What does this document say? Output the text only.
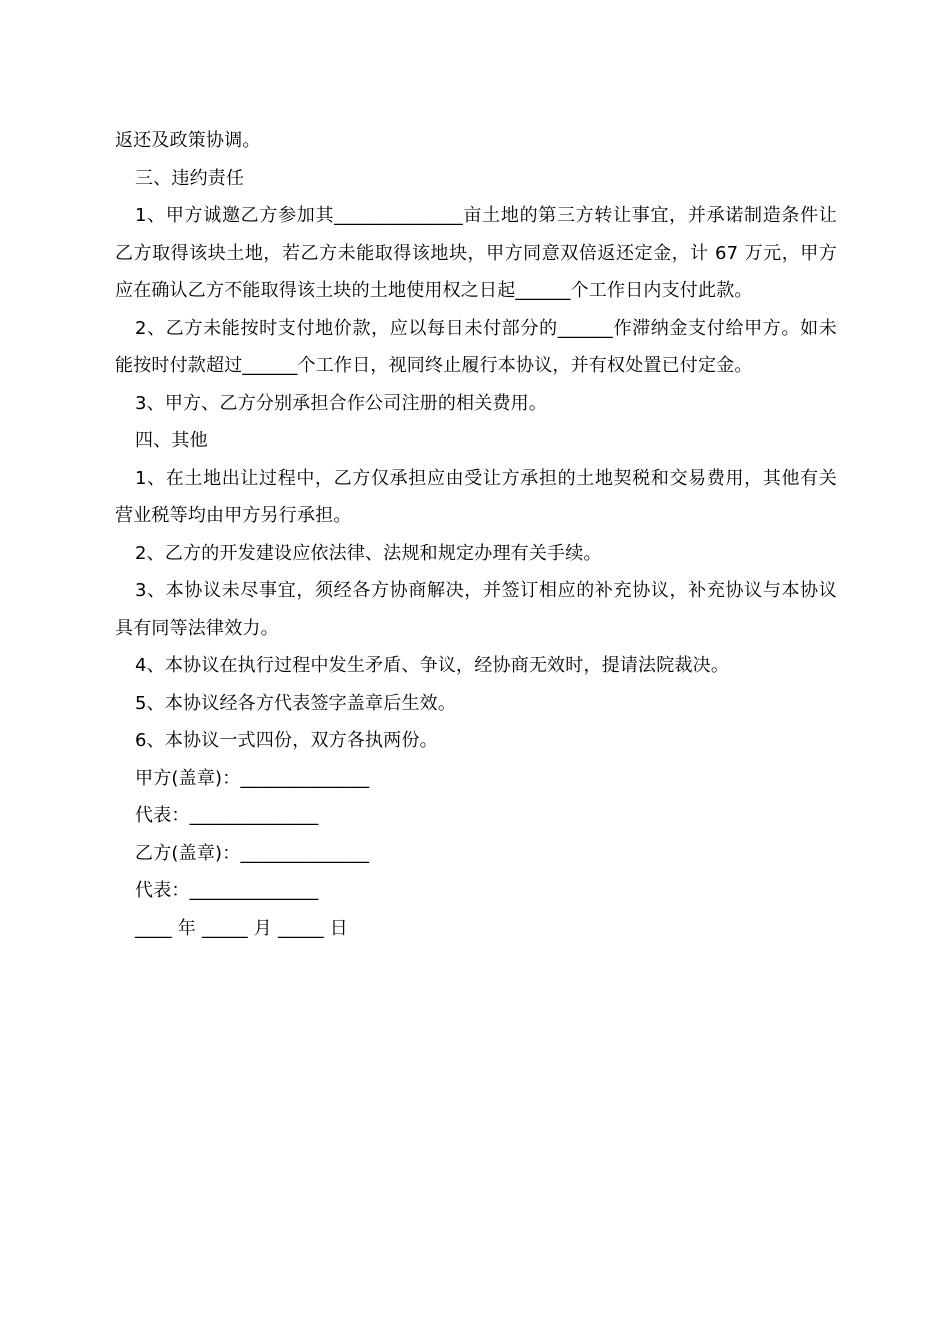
返还及政策协调。

三、违约责任

1、甲方诚邀乙方参加其______________亩土地的第三方转让事宜，并承诺制造条件让乙方取得该块土地，若乙方未能取得该地块，甲方同意双倍返还定金，计 67 万元，甲方应在确认乙方不能取得该土块的土地使用权之日起______个工作日内支付此款。

2、乙方未能按时支付地价款，应以每日未付部分的______作滞纳金支付给甲方。如未能按时付款超过______个工作日，视同终止履行本协议，并有权处置已付定金。

3、甲方、乙方分别承担合作公司注册的相关费用。

四、其他

1、在土地出让过程中，乙方仅承担应由受让方承担的土地契税和交易费用，其他有关营业税等均由甲方另行承担。

2、乙方的开发建设应依法律、法规和规定办理有关手续。

3、本协议未尽事宜，须经各方协商解决，并签订相应的补充协议，补充协议与本协议具有同等法律效力。

4、本协议在执行过程中发生矛盾、争议，经协商无效时，提请法院裁决。

5、本协议经各方代表签字盖章后生效。

6、本协议一式四份，双方各执两份。

甲方(盖章)：______________

代表：______________

乙方(盖章)：______________

代表：______________

____ 年 _____ 月 _____ 日
